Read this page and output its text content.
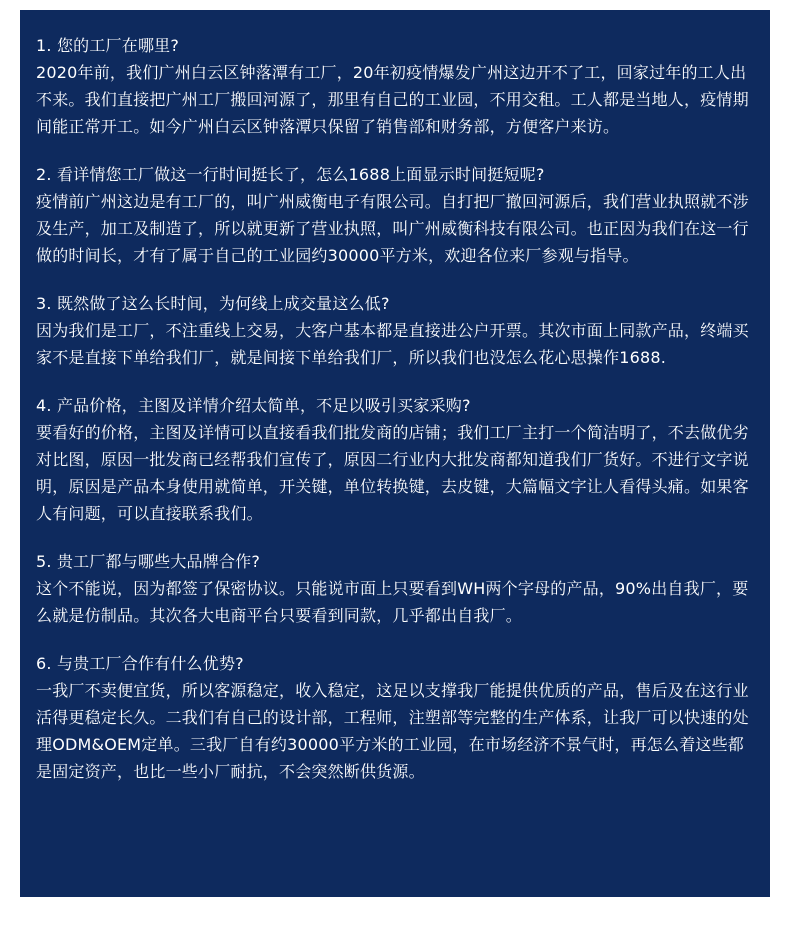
1. 您的工厂在哪里?
2020年前，我们广州白云区钟落潭有工厂，20年初疫情爆发广州这边开不了工，回家过年的工人出不来。我们直接把广州工厂搬回河源了，那里有自己的工业园，不用交租。工人都是当地人，疫情期间能正常开工。如今广州白云区钟落潭只保留了销售部和财务部，方便客户来访。
2. 看详情您工厂做这一行时间挺长了，怎么1688上面显示时间挺短呢?
疫情前广州这边是有工厂的，叫广州威衡电子有限公司。自打把厂撤回河源后，我们营业执照就不涉及生产，加工及制造了，所以就更新了营业执照，叫广州威衡科技有限公司。也正因为我们在这一行做的时间长，才有了属于自己的工业园约30000平方米，欢迎各位来厂参观与指导。
3. 既然做了这么长时间，为何线上成交量这么低?
因为我们是工厂，不注重线上交易，大客户基本都是直接进公户开票。其次市面上同款产品，终端买家不是直接下单给我们厂，就是间接下单给我们厂，所以我们也没怎么花心思操作1688.
4. 产品价格，主图及详情介绍太简单，不足以吸引买家采购?
要看好的价格，主图及详情可以直接看我们批发商的店铺；我们工厂主打一个简洁明了，不去做优劣对比图，原因一批发商已经帮我们宣传了，原因二行业内大批发商都知道我们厂货好。不进行文字说明，原因是产品本身使用就简单，开关键，单位转换键，去皮键，大篇幅文字让人看得头痛。如果客人有问题，可以直接联系我们。
5. 贵工厂都与哪些大品牌合作?
这个不能说，因为都签了保密协议。只能说市面上只要看到WH两个字母的产品，90%出自我厂，要么就是仿制品。其次各大电商平台只要看到同款，几乎都出自我厂。
6. 与贵工厂合作有什么优势?
一我厂不卖便宜货，所以客源稳定，收入稳定，这足以支撑我厂能提供优质的产品，售后及在这行业活得更稳定长久。二我们有自己的设计部，工程师，注塑部等完整的生产体系，让我厂可以快速的处理ODM&OEM定单。三我厂自有约30000平方米的工业园，在市场经济不景气时，再怎么着这些都是固定资产，也比一些小厂耐抗，不会突然断供货源。
